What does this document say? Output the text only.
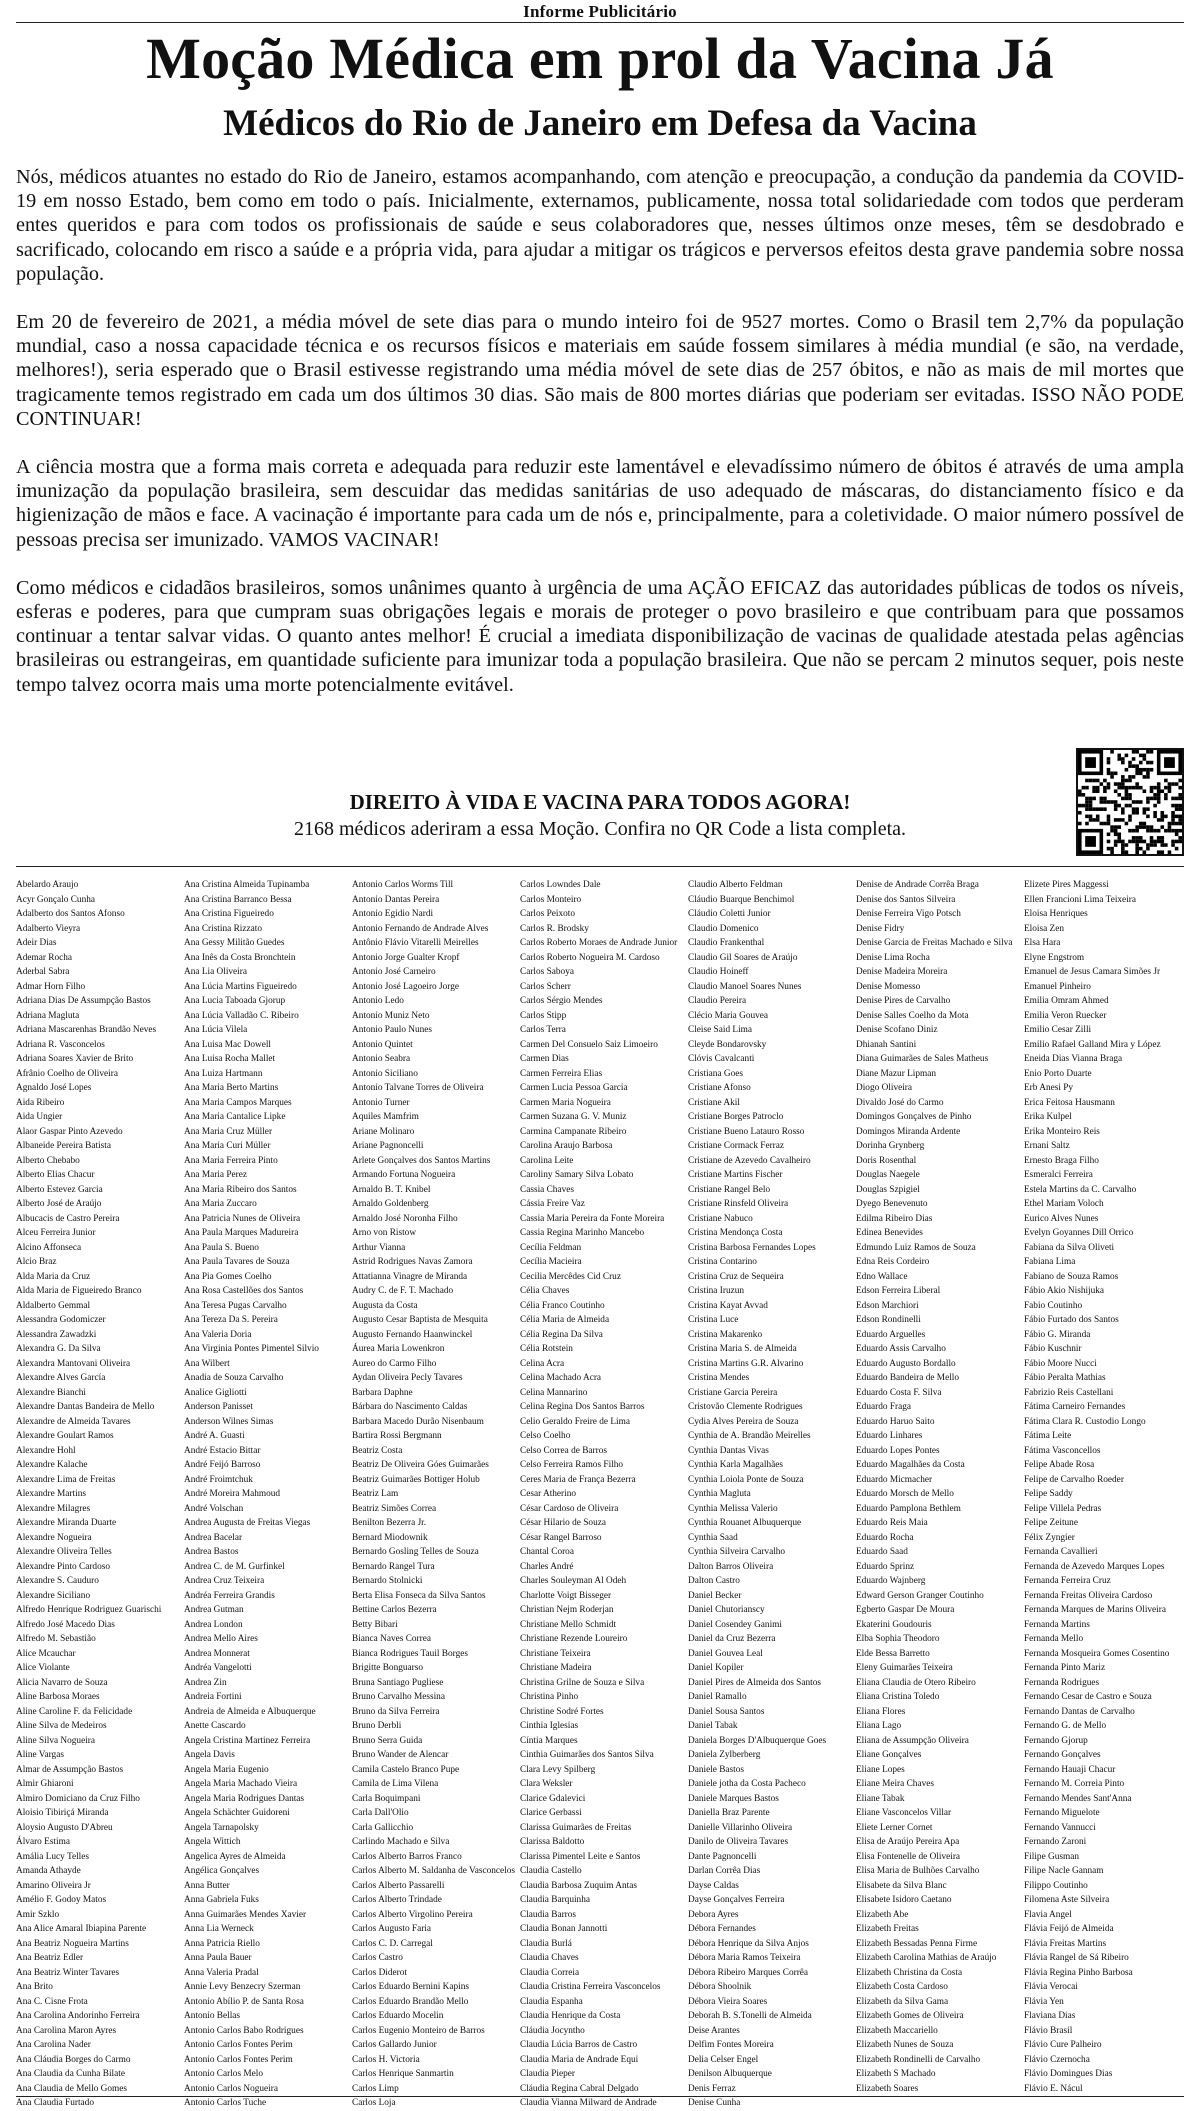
Informe Publicitário
Moção Médica em prol da Vacina Já
Médicos do Rio de Janeiro em Defesa da Vacina

Nós, médicos atuantes no estado do Rio de Janeiro, estamos acompanhando, com atenção e preocupação, a condução da pandemia da COVID-19 em nosso Estado, bem como em todo o país. Inicialmente, externamos, publicamente, nossa total solidariedade com todos que perderam entes queridos e para com todos os profissionais de saúde e seus colaboradores que, nesses últimos onze meses, têm se desdobrado e sacrificado, colocando em risco a saúde e a própria vida, para ajudar a mitigar os trágicos e perversos efeitos desta grave pandemia sobre nossa população.

Em 20 de fevereiro de 2021, a média móvel de sete dias para o mundo inteiro foi de 9527 mortes. Como o Brasil tem 2,7% da população mundial, caso a nossa capacidade técnica e os recursos físicos e materiais em saúde fossem similares à média mundial (e são, na verdade, melhores!), seria esperado que o Brasil estivesse registrando uma média móvel de sete dias de 257 óbitos, e não as mais de mil mortes que tragicamente temos registrado em cada um dos últimos 30 dias. São mais de 800 mortes diárias que poderiam ser evitadas. ISSO NÃO PODE CONTINUAR!

A ciência mostra que a forma mais correta e adequada para reduzir este lamentável e elevadíssimo número de óbitos é através de uma ampla imunização da população brasileira, sem descuidar das medidas sanitárias de uso adequado de máscaras, do distanciamento físico e da higienização de mãos e face. A vacinação é importante para cada um de nós e, principalmente, para a coletividade. O maior número possível de pessoas precisa ser imunizado. VAMOS VACINAR!

Como médicos e cidadãos brasileiros, somos unânimes quanto à urgência de uma AÇÃO EFICAZ das autoridades públicas de todos os níveis, esferas e poderes, para que cumpram suas obrigações legais e morais de proteger o povo brasileiro e que contribuam para que possamos continuar a tentar salvar vidas. O quanto antes melhor! É crucial a imediata disponibilização de vacinas de qualidade atestada pelas agências brasileiras ou estrangeiras, em quantidade suficiente para imunizar toda a população brasileira. Que não se percam 2 minutos sequer, pois neste tempo talvez ocorra mais uma morte potencialmente evitável.

DIREITO À VIDA E VACINA PARA TODOS AGORA!
2168 médicos aderiram a essa Moção. Confira no QR Code a lista completa.
Abelardo Araujo
Acyr Gonçalo Cunha
Adalberto dos Santos Afonso
Adalberto Vieyra
Adeir Dias
Ademar Rocha
Aderbal Sabra
Admar Horn Filho
Adriana Dias De Assumpção Bastos
Adriana Magluta
Adriana Mascarenhas Brandão Neves
Adriana R. Vasconcelos
Adriana Soares Xavier de Brito
Afrânio Coelho de Oliveira
Agnaldo José Lopes
Aida Ribeiro
Aida Ungier
Alaor Gaspar Pinto Azevedo
Albaneide Pereira Batista
Alberto Chebabo
Alberto Elias Chacur
Alberto Estevez Garcia
Alberto José de Araújo
Albucacis de Castro Pereira
Alceu Ferreira Junior
Alcino Affonseca
Alcio Braz
Alda Maria da Cruz
Alda Maria de Figueiredo Branco
Aldalberto Gemmal
Alessandra Godomiczer
Alessandra Zawadzki
Alexandra G. Da Silva
Alexandra Mantovani Oliveira
Alexandre Alves García
Alexandre Bianchi
Alexandre Dantas Bandeira de Mello
Alexandre de Almeida Tavares
Alexandre Goulart Ramos
Alexandre Hohl
Alexandre Kalache
Alexandre Lima de Freitas
Alexandre Martins
Alexandre Milagres
Alexandre Miranda Duarte
Alexandre Nogueira
Alexandre Oliveira Telles
Alexandre Pinto Cardoso
Alexandre S. Cauduro
Alexandre Siciliano
Alfredo Henrique Rodriguez Guarischi
Alfredo José Macedo Dias
Alfredo M. Sebastião
Alice Mcauchar
Alice Violante
Alicia Navarro de Souza
Aline Barbosa Moraes
Aline Caroline F. da Felicidade
Aline Silva de Medeiros
Aline Silva Nogueira
Aline Vargas
Almar de Assumpção Bastos
Almir Ghiaroni
Almiro Domiciano da Cruz Filho
Aloisio Tibiriçá Miranda
Aloysio Augusto D'Abreu
Álvaro Estima
Amália Lucy Telles
Amanda Athayde
Amarino Oliveira Jr
Amélio F. Godoy Matos
Amir Szklo
Ana Alice Amaral Ibiapina Parente
Ana Beatriz Nogueira Martins
Ana Beatriz Edler
Ana Beatriz Winter Tavares
Ana Brito
Ana C. Cisne Frota
Ana Carolina Andorinho Ferreira
Ana Carolina Maron Ayres
Ana Carolina Nader
Ana Cláudia Borges do Carmo
Ana Claudia da Cunha Bilate
Ana Claudia de Mello Gomes
Ana Claudia Furtado
Ana Cristina Almeida Tupinamba
Ana Cristina Barranco Bessa
Ana Cristina Figueiredo
Ana Cristina Rizzato
Ana Gessy Militão Guedes
Ana Inês da Costa Bronchtein
Ana Lia Oliveira
Ana Lúcia Martins Figueiredo
Ana Lucia Taboada Gjorup
Ana Lúcia Valladão C. Ribeiro
Ana Lúcia Vilela
Ana Luisa Mac Dowell
Ana Luisa Rocha Mallet
Ana Luiza Hartmann
Ana Maria Berto Martins
Ana Maria Campos Marques
Ana Maria Cantalice Lipke
Ana Maria Cruz Müller
Ana Maria Curi Müller
Ana Maria Ferreira Pinto
Ana Maria Perez
Ana Maria Ribeiro dos Santos
Ana Maria Zuccaro
Ana Patricia Nunes de Oliveira
Ana Paula Marques Madureira
Ana Paula S. Bueno
Ana Paula Tavares de Souza
Ana Pia Gomes Coelho
Ana Rosa Castellões dos Santos
Ana Teresa Pugas Carvalho
Ana Tereza Da S. Pereira
Ana Valeria Doria
Ana Virginia Pontes Pimentel Silvio
Ana Wilbert
Anadia de Souza Carvalho
Analice Gigliotti
Anderson Panisset
Anderson Wilnes Simas
André A. Guasti
André Estacio Bittar
André Feijó Barroso
André Froimtchuk
André Moreira Mahmoud
André Volschan
Andrea Augusta de Freitas Viegas
Andrea Bacelar
Andrea Bastos
Andrea C. de M. Gurfinkel
Andrea Cruz Teixeira
Andréa Ferreira Grandis
Andrea Gutman
Andrea London
Andrea Mello Aires
Andrea Monnerat
Andréa Vangelotti
Andrea Zin
Andreia Fortini
Andreia de Almeida e Albuquerque
Anette Cascardo
Angela Cristina Martinez Ferreira
Angela Davis
Angela Maria Eugenio
Angela Maria Machado Vieira
Angela Maria Rodrigues Dantas
Angela Schächter Guidoreni
Angela Tarnapolsky
Angela Wittich
Angelica Ayres de Almeida
Angélica Gonçalves
Anna Butter
Anna Gabriela Fuks
Anna Guimarães Mendes Xavier
Anna Lia Werneck
Anna Patricia Riello
Anna Paula Bauer
Anna Valeria Pradal
Annie Levy Benzecry Szerman
Antonio Abílio P. de Santa Rosa
Antonio Bellas
Antonio Carlos Babo Rodrigues
Antonio Carlos Fontes Perim
Antonio Carlos Fontes Perim
Antonio Carlos Melo
Antonio Carlos Nogueira
Antonio Carlos Tuche
Antonio Carlos Worms Till
Antonio Dantas Pereira
Antonio Egidio Nardi
Antonio Fernando de Andrade Alves
Antônio Flávio Vitarelli Meirelles
Antonio Jorge Gualter Kropf
Antonio José Carneiro
Antonio José Lagoeiro Jorge
Antonio Ledo
Antonio Muniz Neto
Antonio Paulo Nunes
Antonio Quintet
Antonio Seabra
Antonio Siciliano
Antonio Talvane Torres de Oliveira
Antonio Turner
Aquiles Mamfrim
Ariane Molinaro
Ariane Pagnoncelli
Arlete Gonçalves dos Santos Martins
Armando Fortuna Nogueira
Arnaldo B. T. Knibel
Arnaldo Goldenberg
Arnaldo José Noronha Filho
Arno von Ristow
Arthur Vianna
Astrid Rodrigues Navas Zamora
Attatianna Vinagre de Miranda
Audry C. de F. T. Machado
Augusta da Costa
Augusto Cesar Baptista de Mesquita
Augusto Fernando Haanwinckel
Áurea Maria Lowenkron
Aureo do Carmo Filho
Aydan Oliveira Pecly Tavares
Barbara Daphne
Bárbara do Nascimento Caldas
Barbara Macedo Durão Nisenbaum
Bartira Rossi Bergmann
Beatriz Costa
Beatriz De Oliveira Góes Guimarães
Beatriz Guimarães Bottiger Holub
Beatriz Lam
Beatriz Simões Correa
Benilton Bezerra Jr.
Bernard Miodownik
Bernardo Gosling Telles de Souza
Bernardo Rangel Tura
Bernardo Stolnicki
Berta Elisa Fonseca da Silva Santos
Bettine Carlos Bezerra
Betty Bibari
Bianca Naves Correa
Bianca Rodrigues Tauil Borges
Brigitte Bonguarso
Bruna Santiago Pugliese
Bruno Carvalho Messina
Bruno da Silva Ferreira
Bruno Derbli
Bruno Serra Guida
Bruno Wander de Alencar
Camila Castelo Branco Pupe
Camila de Lima Vilena
Carla Boquimpani
Carla Dall'Olio
Carla Gallicchio
Carlindo Machado e Silva
Carlos Alberto Barros Franco
Carlos Alberto M. Saldanha de Vasconcelos
Carlos Alberto Passarelli
Carlos Alberto Trindade
Carlos Alberto Virgolino Pereira
Carlos Augusto Faria
Carlos C. D. Carregal
Carlos Castro
Carlos Diderot
Carlos Eduardo Bernini Kapins
Carlos Eduardo Brandão Mello
Carlos Eduardo Mocelin
Carlos Eugenio Monteiro de Barros
Carlos Gallardo Junior
Carlos H. Victoria
Carlos Henrique Sanmartin
Carlos Limp
Carlos Loja
Carlos Lowndes Dale
Carlos Monteiro
Carlos Peixoto
Carlos R. Brodsky
Carlos Roberto Moraes de Andrade Junior
Carlos Roberto Nogueira M. Cardoso
Carlos Saboya
Carlos Scherr
Carlos Sérgio Mendes
Carlos Stipp
Carlos Terra
Carmen Del Consuelo Saiz Limoeiro
Carmen Dias
Carmen Ferreira Elias
Carmen Lucia Pessoa Garcia
Carmen Maria Nogueira
Carmen Suzana G. V. Muniz
Carmina Campanate Ribeiro
Carolina Araujo Barbosa
Carolina Leite
Caroliny Samary Silva Lobato
Cassia Chaves
Cássia Freire Vaz
Cassia Maria Pereira da Fonte Moreira
Cassia Regina Marinho Mancebo
Cecília Feldman
Cecília Macieira
Cecilia Mercêdes Cid Cruz
Célia Chaves
Célia Franco Coutinho
Célia Maria de Almeida
Célia Regina Da Silva
Célia Rotstein
Celina Acra
Celina Machado Acra
Celina Mannarino
Celina Regina Dos Santos Barros
Celio Geraldo Freire de Lima
Celso Coelho
Celso Correa de Barros
Celso Ferreira Ramos Filho
Ceres Maria de França Bezerra
Cesar Atherino
César Cardoso de Oliveira
César Hilario de Souza
César Rangel Barroso
Chantal Coroa
Charles André
Charles Souleyman Al Odeh
Charlotte Voigt Bisseger
Christian Nejm Roderjan
Christiane Mello Schmidt
Christiane Rezende Loureiro
Christiane Teixeira
Christiane Madeira
Christina Grilne de Souza e Silva
Christina Pinho
Christine Sodré Fortes
Cinthia Iglesias
Cíntia Marques
Cinthia Guimarães dos Santos Silva
Clara Levy Spilberg
Clara Weksler
Clarice Gdalevici
Clarice Gerbassi
Clarissa Guimarães de Freitas
Clarissa Baldotto
Clarissa Pimentel Leite e Santos
Claudia Castello
Claudia Barbosa Zuquim Antas
Claudia Barquinha
Claudia Barros
Claudia Bonan Jannotti
Claudia Burlá
Claudia Chaves
Claudia Correia
Claudia Cristina Ferreira Vasconcelos
Claudia Espanha
Claudia Henrique da Costa
Cláudia Jocyntho
Claudia Lúcia Barros de Castro
Claudia Maria de Andrade Equi
Claudia Pieper
Cláudia Regina Cabral Delgado
Claudia Vianna Milward de Andrade
Claudio Alberto Feldman
Cláudio Buarque Benchimol
Cláudio Coletti Junior
Claudio Domenico
Claudio Frankenthal
Claudio Gil Soares de Araújo
Claudio Hoineff
Claudio Manoel Soares Nunes
Claudio Pereira
Clécio Maria Gouvea
Cleise Said Lima
Cleyde Bondarovsky
Clóvis Cavalcanti
Cristiana Goes
Cristiane Afonso
Cristiane Akil
Cristiane Borges Patroclo
Cristiane Bueno Latauro Rosso
Cristiane Cormack Ferraz
Cristiane de Azevedo Cavalheiro
Cristiane Martins Fischer
Cristiane Rangel Belo
Cristiane Rinsfeld Oliveira
Cristiane Nabuco
Cristina Mendonça Costa
Cristina Barbosa Fernandes Lopes
Cristina Contarino
Cristina Cruz de Sequeira
Cristina Iruzun
Cristina Kayat Avvad
Cristina Luce
Cristina Makarenko
Cristina Maria S. de Almeida
Cristina Martins G.R. Alvarino
Cristina Mendes
Cristiane Garcia Pereira
Cristovão Clemente Rodrigues
Cydia Alves Pereira de Souza
Cynthia de A. Brandão Meirelles
Cynthia Dantas Vivas
Cynthia Karla Magalhães
Cynthia Loiola Ponte de Souza
Cynthia Magluta
Cynthia Melissa Valerio
Cynthia Rouanet Albuquerque
Cynthia Saad
Cynthia Silveira Carvalho
Dalton Barros Oliveira
Dalton Castro
Daniel Becker
Daniel Chutorianscy
Daniel Cosendey Ganimi
Daniel da Cruz Bezerra
Daniel Gouvea Leal
Daniel Kopiler
Daniel Pires de Almeida dos Santos
Daniel Ramallo
Daniel Sousa Santos
Daniel Tabak
Daniela Borges D'Albuquerque Goes
Daniela Zylberberg
Daniele Bastos
Daniele jotha da Costa Pacheco
Daniele Marques Bastos
Daniella Braz Parente
Danielle Villarinho Oliveira
Danilo de Oliveira Tavares
Dante Pagnoncelli
Darlan Corrêa Dias
Dayse Caldas
Dayse Gonçalves Ferreira
Debora Ayres
Débora Fernandes
Débora Henrique da Silva Anjos
Débora Maria Ramos Teixeira
Débora Ribeiro Marques Corrêa
Débora Shoolnik
Débora Vieira Soares
Deborah B. S.Tonelli de Almeida
Deise Arantes
Delfim Fontes Moreira
Delia Celser Engel
Denilson Albuquerque
Denis Ferraz
Denise Cunha
Denise de Andrade Corrêa Braga
Denise dos Santos Silveira
Denise Ferreira Vigo Potsch
Denise Fidry
Denise Garcia de Freitas Machado e Silva
Denise Lima Rocha
Denise Madeira Moreira
Denise Momesso
Denise Pires de Carvalho
Denise Salles Coelho da Mota
Denise Scofano Diniz
Dhianah Santini
Diana Guimarães de Sales Matheus
Diane Mazur Lipman
Diogo Oliveira
Divaldo José do Carmo
Domingos Gonçalves de Pinho
Domingos Miranda Ardente
Dorinha Grynberg
Doris Rosenthal
Douglas Naegele
Douglas Szpigiel
Dyego Benevenuto
Edilma Ribeiro Dias
Edinea Benevides
Edmundo Luiz Ramos de Souza
Edna Reis Cordeiro
Edno Wallace
Edson Ferreira Liberal
Edson Marchiori
Edson Rondinelli
Eduardo Arguelles
Eduardo Assis Carvalho
Eduardo Augusto Bordallo
Eduardo Bandeira de Mello
Eduardo Costa F. Silva
Eduardo Fraga
Eduardo Haruo Saito
Eduardo Linhares
Eduardo Lopes Pontes
Eduardo Magalhães da Costa
Eduardo Micmacher
Eduardo Morsch de Mello
Eduardo Pamplona Bethlem
Eduardo Reis Maia
Eduardo Rocha
Eduardo Saad
Eduardo Sprinz
Eduardo Wajnberg
Edward Gerson Granger Coutinho
Egberto Gaspar De Moura
Ekaterini Goudouris
Elba Sophia Theodoro
Elde Bessa Barretto
Eleny Guimarães Teixeira
Eliana Claudia de Otero Ribeiro
Eliana Cristina Toledo
Eliana Flores
Eliana Lago
Eliana de Assumpção Oliveira
Eliane Gonçalves
Eliane Lopes
Eliane Meira Chaves
Eliane Tabak
Eliane Vasconcelos Villar
Eliete Lerner Cornet
Elisa de Araújo Pereira Apa
Elisa Fontenelle de Oliveira
Elisa Maria de Bulhões Carvalho
Elisabete da Silva Blanc
Elisabete Isidoro Caetano
Elizabeth Abe
Elizabeth Freitas
Elizabeth Bessadas Penna Firme
Elizabeth Carolina Mathias de Araújo
Elizabeth Christina da Costa
Elizabeth Costa Cardoso
Elizabeth da Silva Gama
Elizabeth Gomes de Oliveira
Elizabeth Maccariello
Elizabeth Nunes de Souza
Elizabeth Rondinelli de Carvalho
Elizabeth S Machado
Elizabeth Soares
Elizete Pires Maggessi
Ellen Francioni Lima Teixeira
Eloisa Henriques
Eloisa Zen
Elsa Hara
Elyne Engstrom
Emanuel de Jesus Camara Simões Jr
Emanuel Pinheiro
Emilia Omram Ahmed
Emilia Veron Ruecker
Emilio Cesar Zilli
Emilio Rafael Galland Mira y López
Eneida Dias Vianna Braga
Enio Porto Duarte
Erb Anesi Py
Erica Feitosa Hausmann
Erika Kulpel
Erika Monteiro Reis
Ernani Saltz
Ernesto Braga Filho
Esmeralci Ferreira
Estela Martins da C. Carvalho
Ethel Mariam Voloch
Eurico Alves Nunes
Evelyn Goyannes Dill Orrico
Fabiana da Silva Oliveti
Fabiana Lima
Fabiano de Souza Ramos
Fábio Akio Nishijuka
Fabio Coutinho
Fábio Furtado dos Santos
Fábio G. Miranda
Fábio Kuschnir
Fábio Moore Nucci
Fábio Peralta Mathias
Fabrizio Reis Castellani
Fátima Carneiro Fernandes
Fátima Clara R. Custodio Longo
Fátima Leite
Fátima Vasconcellos
Felipe Abade Rosa
Felipe de Carvalho Roeder
Felipe Saddy
Felipe Villela Pedras
Felipe Zeitune
Félix Zyngier
Fernanda Cavallieri
Fernanda de Azevedo Marques Lopes
Fernanda Ferreira Cruz
Fernanda Freitas Oliveira Cardoso
Fernanda Marques de Marins Oliveira
Fernanda Martins
Fernanda Mello
Fernanda Mosqueira Gomes Cosentino
Fernanda Pinto Mariz
Fernanda Rodrigues
Fernando Cesar de Castro e Souza
Fernando Dantas de Carvalho
Fernando G. de Mello
Fernando Gjorup
Fernando Gonçalves
Fernando Hauaji Chacur
Fernando M. Correia Pinto
Fernando Mendes Sant'Anna
Fernando Miguelote
Fernando Vannucci
Fernando Zaroni
Filipe Gusman
Filipe Nacle Gannam
Filippo Coutinho
Filomena Aste Silveira
Flavia Angel
Flávia Feijó de Almeida
Flávia Freitas Martins
Flávia Rangel de Sá Ribeiro
Flávia Regina Pinho Barbosa
Flávia Verocai
Flávia Yen
Flaviana Dias
Flávio Brasil
Flávio Cure Palheiro
Flávio Czernocha
Flávio Domingues Dias
Flávio E. Nácul
